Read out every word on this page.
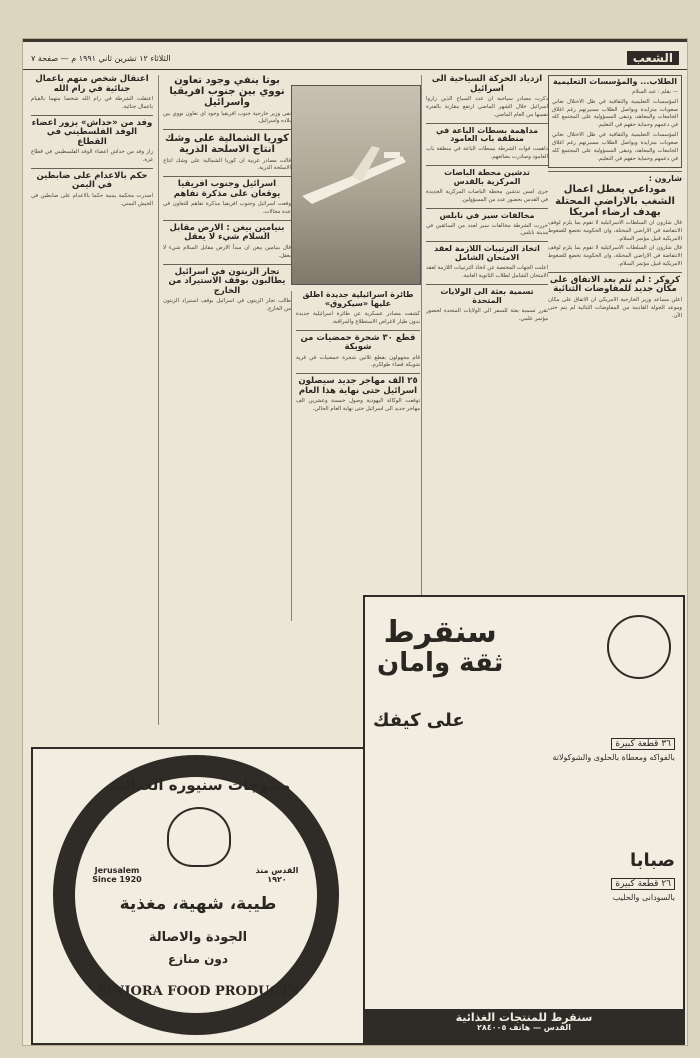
الشعب
الثلاثاء ١٢ تشرين ثاني ١٩٩١ م — صفحة ٧

الطلاب... والمؤسسات التعليمية

— بقلم : عبد السلام

المؤسسات التعليمية والثقافية في ظل الاحتلال تعاني صعوبات متزايدة ويواصل الطلاب مسيرتهم رغم اغلاق الجامعات والمعاهد، وتبقى المسؤولية على المجتمع كله في دعمهم وحماية حقهم في التعليم.

المؤسسات التعليمية والثقافية في ظل الاحتلال تعاني صعوبات متزايدة ويواصل الطلاب مسيرتهم رغم اغلاق الجامعات والمعاهد، وتبقى المسؤولية على المجتمع كله في دعمهم وحماية حقهم في التعليم.

شارون :

موداعي يعطل اعمال الشغب بالاراضي المحتلة بهدف ارضاء امريكا

قال شارون ان السلطات الاسرائيلية لا تقوم بما يلزم لوقف الانتفاضة في الاراضي المحتلة، وان الحكومة تخضع للضغوط الامريكية قبيل مؤتمر السلام.

قال شارون ان السلطات الاسرائيلية لا تقوم بما يلزم لوقف الانتفاضة في الاراضي المحتلة، وان الحكومة تخضع للضغوط الامريكية قبيل مؤتمر السلام.

كروكر : لم يتم بعد الاتفاق على مكان جديد للمفاوضات الثنائية

اعلن مساعد وزير الخارجية الامريكي ان الاتفاق على مكان وموعد الجولة القادمة من المفاوضات الثنائية لم يتم حتى الآن.

ازدياد الحركة السياحية الى اسرائيل

ذكرت مصادر سياحية ان عدد السياح الذين زاروا اسرائيل خلال الشهر الماضي ارتفع مقارنة بالفترة نفسها من العام الماضي.

مداهمة بسطات الباعة في منطقة باب العامود

داهمت قوات الشرطة بسطات الباعة في منطقة باب العامود وصادرت بضائعهم.

تدشين محطة الباصات المركزية بالقدس

جرى امس تدشين محطة الباصات المركزية الجديدة في القدس بحضور عدد من المسؤولين.

مخالفات سير في نابلس

حررت الشرطة مخالفات سير لعدد من السائقين في مدينة نابلس.

اتخاذ الترتيبات اللازمة لعقد الامتحان الشامل

اعلنت الجهات المختصة عن اتخاذ الترتيبات اللازمة لعقد الامتحان الشامل لطلاب الثانوية العامة.

تسمية بعثة الى الولايات المتحدة

تقرر تسمية بعثة للسفر الى الولايات المتحدة لحضور مؤتمر علمي.

طائرة اسرائيلية جديدة اطلق عليها «سيكروق»

كشفت مصادر عسكرية عن طائرة اسرائيلية جديدة بدون طيار لاغراض الاستطلاع والمراقبة.

قطع ٣٠ شجرة حمضيات من شويكة

قام مجهولون بقطع ثلاثين شجرة حمضيات في قرية شويكة قضاء طولكرم.

٢٥ الف مهاجر جديد سيصلون اسرائيل حتى نهاية هذا العام

توقعت الوكالة اليهودية وصول خمسة وعشرين الف مهاجر جديد الى اسرائيل حتى نهاية العام الحالي.

بوتا ينفي وجود تعاون نووي بين جنوب افريقيا واسرائيل

نفى وزير خارجية جنوب افريقيا وجود اي تعاون نووي بين بلاده واسرائيل.

كوريا الشمالية على وشك انتاج الاسلحة الذرية

قالت مصادر غربية ان كوريا الشمالية على وشك انتاج الاسلحة الذرية.

اسرائيل وجنوب افريقيا يوقعان على مذكرة تفاهم

وقعت اسرائيل وجنوب افريقيا مذكرة تفاهم للتعاون في عدة مجالات.

بنيامين بيغن : الارض مقابل السلام شيء لا يعقل

قال بنيامين بيغن ان مبدأ الارض مقابل السلام شيء لا يعقل.

تجار الزيتون في اسرائيل يطالبون بوقف الاستيراد من الخارج

طالب تجار الزيتون في اسرائيل بوقف استيراد الزيتون من الخارج.

اعتقال شخص متهم باعمال جنائية في رام الله

اعتقلت الشرطة في رام الله شخصا متهما بالقيام باعمال جنائية.

وفد من «حداش» يزور اعضاء الوفد الفلسطيني في القطاع

زار وفد من حداش اعضاء الوفد الفلسطيني في قطاع غزة.

حكم بالاعدام على ضابطين في اليمن

اصدرت محكمة يمنية حكما بالاعدام على ضابطين في الجيش اليمني.

سنقرط

ثقة وامان

على كيفك

٣٦ قطعة كبيرة

بالفواكه ومعطاة بالحلوى والشوكولاتة

صبابا

٢٦ قطعة كبيرة

بالسودانى والحليب

سنقرط للمنتجات الغذائية

القدس — هاتف ٢٨٤٠٠٥

منتوجات سنيوره الغذائية

Jerusalem Since 1920

القدس منذ ١٩٢٠

طيبة، شهية، مغذية

الجودة والاصالة

دون منازع

SINIORA FOOD PRODUCTS
